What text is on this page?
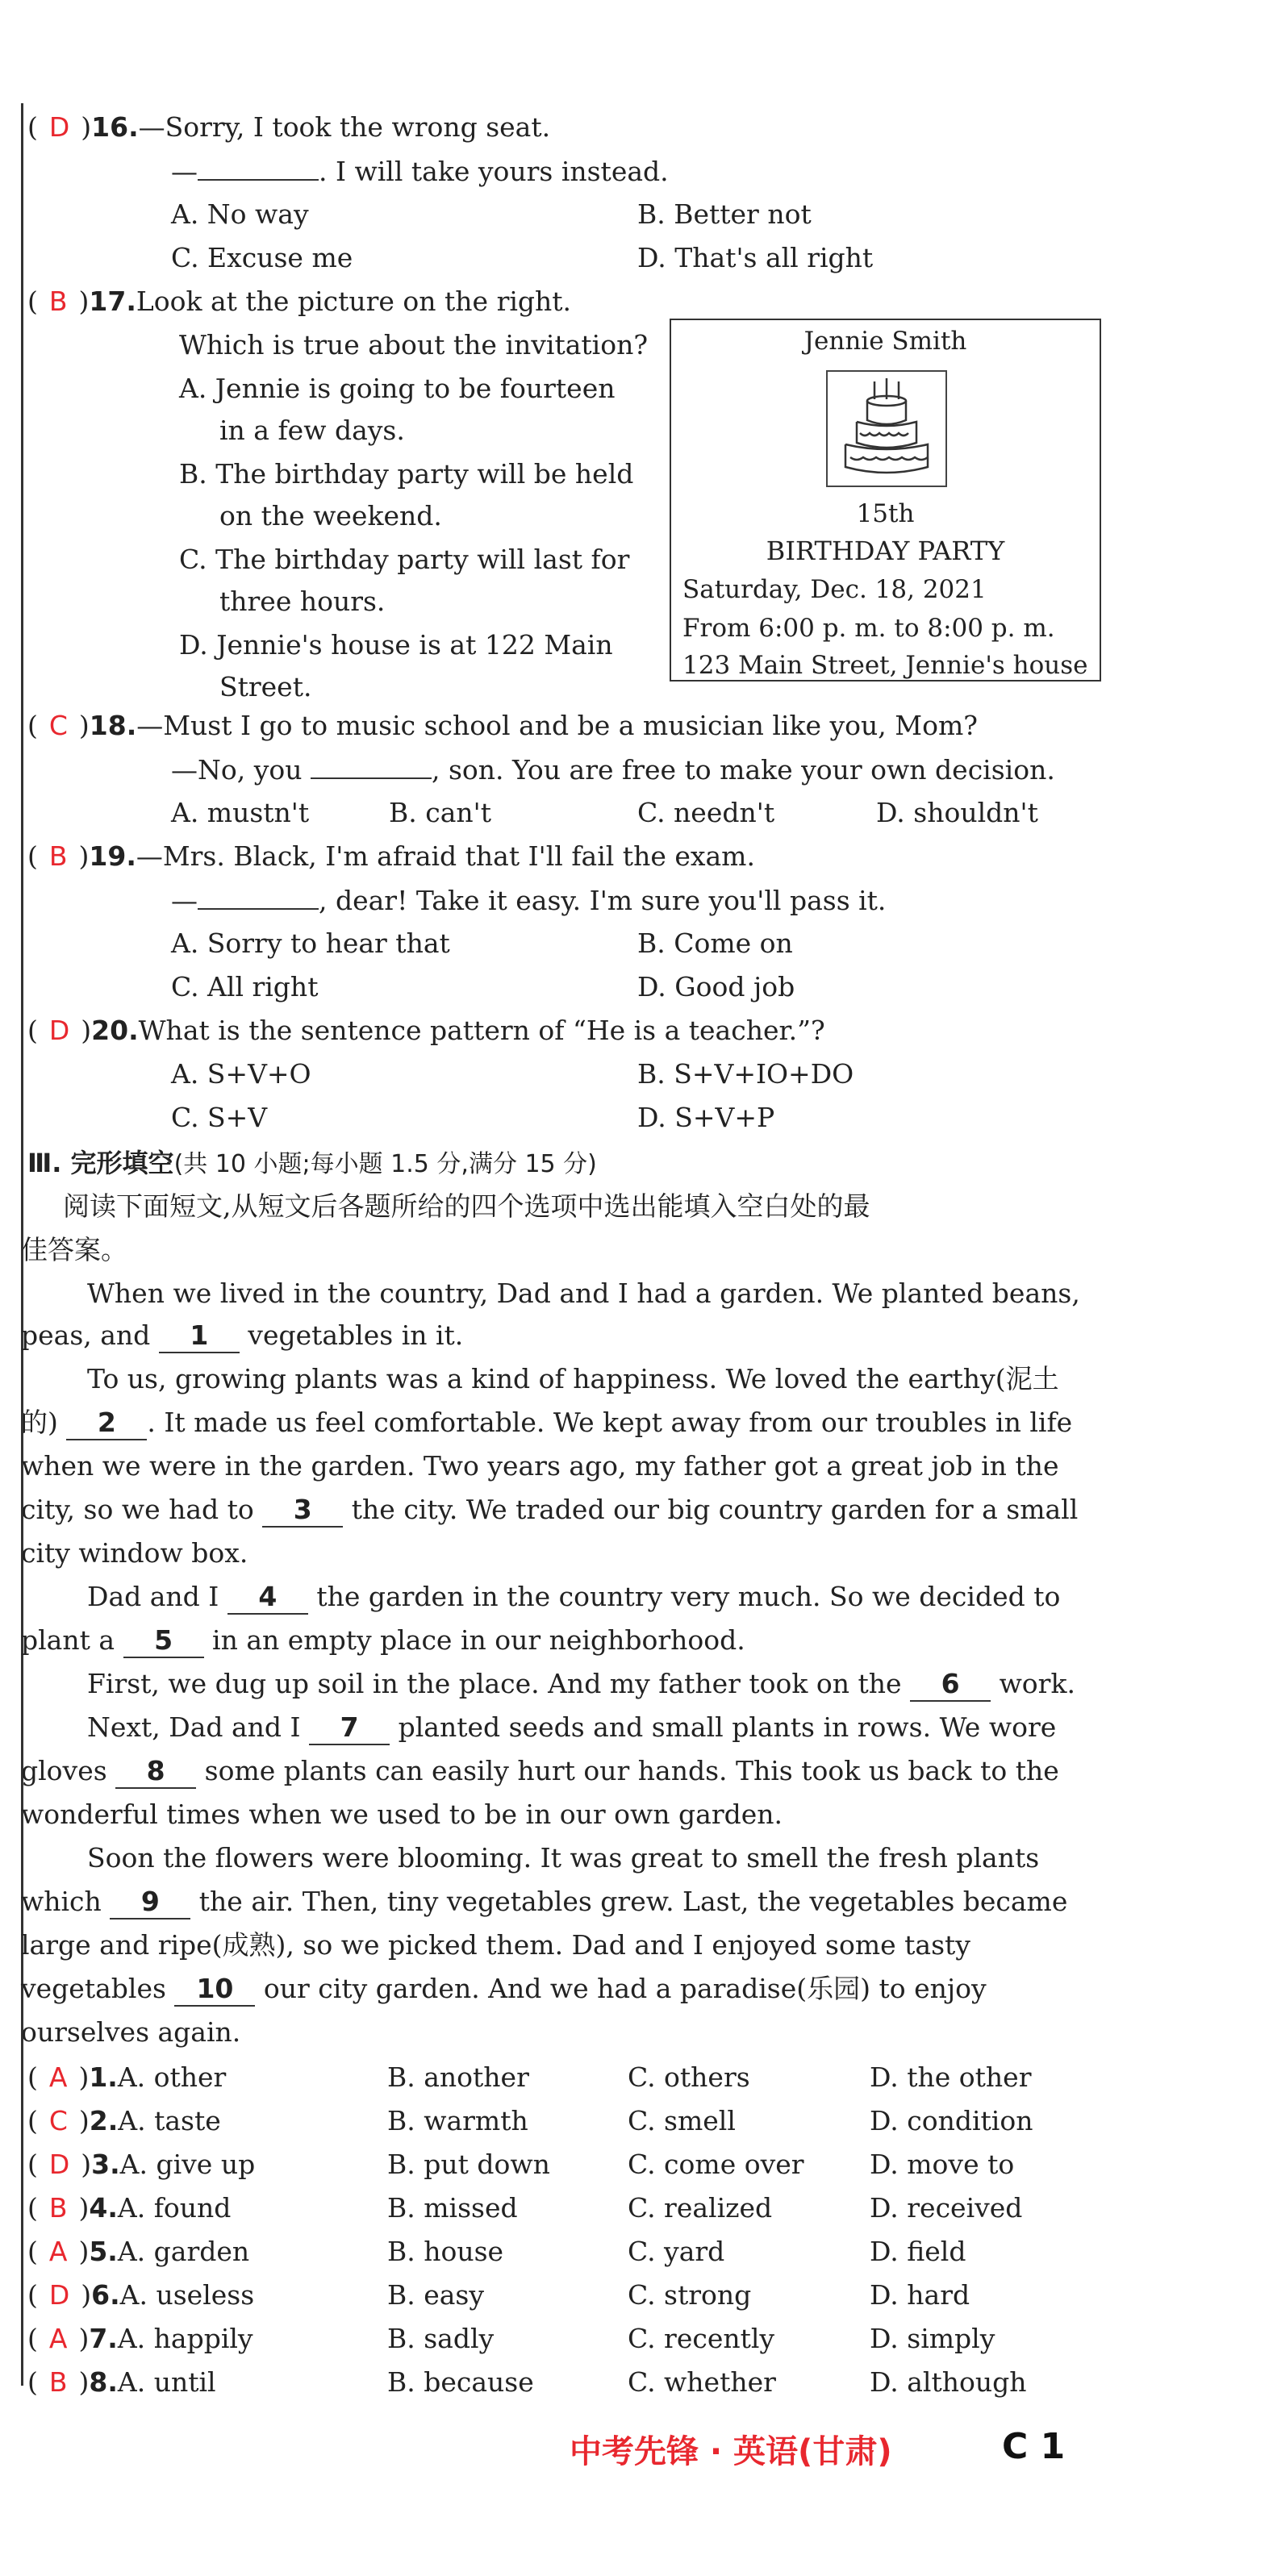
( D )16.—Sorry, I took the wrong seat.
—	. I will take yours instead.
A. No way	B. Better not
C. Excuse me	D. That's all right
( B )17.Look at the picture on the right.
Which is true about the invitation?
A. Jennie is going to be fourteen
in a few days.
B. The birthday party will be held
on the weekend.
C. The birthday party will last for
three hours.
D. Jennie's house is at 122 Main
Street.
Jennie Smith
15th
BIRTHDAY PARTY
Saturday, Dec. 18, 2021
From 6:00 p. m. to 8:00 p. m.
123 Main Street, Jennie's house
( C )18.—Must I go to music school and be a musician like you, Mom?
—No, you	, son. You are free to make your own decision.
A. mustn't	B. can't	C. needn't	D. shouldn't
( B )19.—Mrs. Black, I'm afraid that I'll fail the exam.
—	, dear! Take it easy. I'm sure you'll pass it.
A. Sorry to hear that	B. Come on
C. All right	D. Good job
( D )20.What is the sentence pattern of “He is a teacher.”?
A. S+V+O	B. S+V+IO+DO
C. S+V	D. S+V+P
Ⅲ. 完形填空(共 10 小题;每小题 1.5 分,满分 15 分)
阅读下面短文,从短文后各题所给的四个选项中选出能填入空白处的最
佳答案。
When we lived in the country, Dad and I had a garden. We planted beans,
peas, and 1 vegetables in it.
To us, growing plants was a kind of happiness. We loved the earthy(泥土
的) 2 . It made us feel comfortable. We kept away from our troubles in life
when we were in the garden. Two years ago, my father got a great job in the
city, so we had to 3 the city. We traded our big country garden for a small
city window box.
Dad and I 4 the garden in the country very much. So we decided to
plant a 5 in an empty place in our neighborhood.
First, we dug up soil in the place. And my father took on the 6 work.
Next, Dad and I 7 planted seeds and small plants in rows. We wore
gloves 8 some plants can easily hurt our hands. This took us back to the
wonderful times when we used to be in our own garden.
Soon the flowers were blooming. It was great to smell the fresh plants
which 9 the air. Then, tiny vegetables grew. Last, the vegetables became
large and ripe(成熟), so we picked them. Dad and I enjoyed some tasty
vegetables 10 our city garden. And we had a paradise(乐园) to enjoy
ourselves again.
( A )1.A. other	B. another	C. others	D. the other
( C )2.A. taste	B. warmth	C. smell	D. condition
( D )3.A. give up	B. put down	C. come over D. move to
( B )4.A. found	B. missed	C. realized	D. received
( A )5.A. garden	B. house	C. yard	D. field
( D )6.A. useless	B. easy	C. strong	D. hard
( A )7.A. happily	B. sadly	C. recently	D. simply
( B )8.A. until	B. because	C. whether	D. although
中考先锋 · 英语(甘肃)	C 1
